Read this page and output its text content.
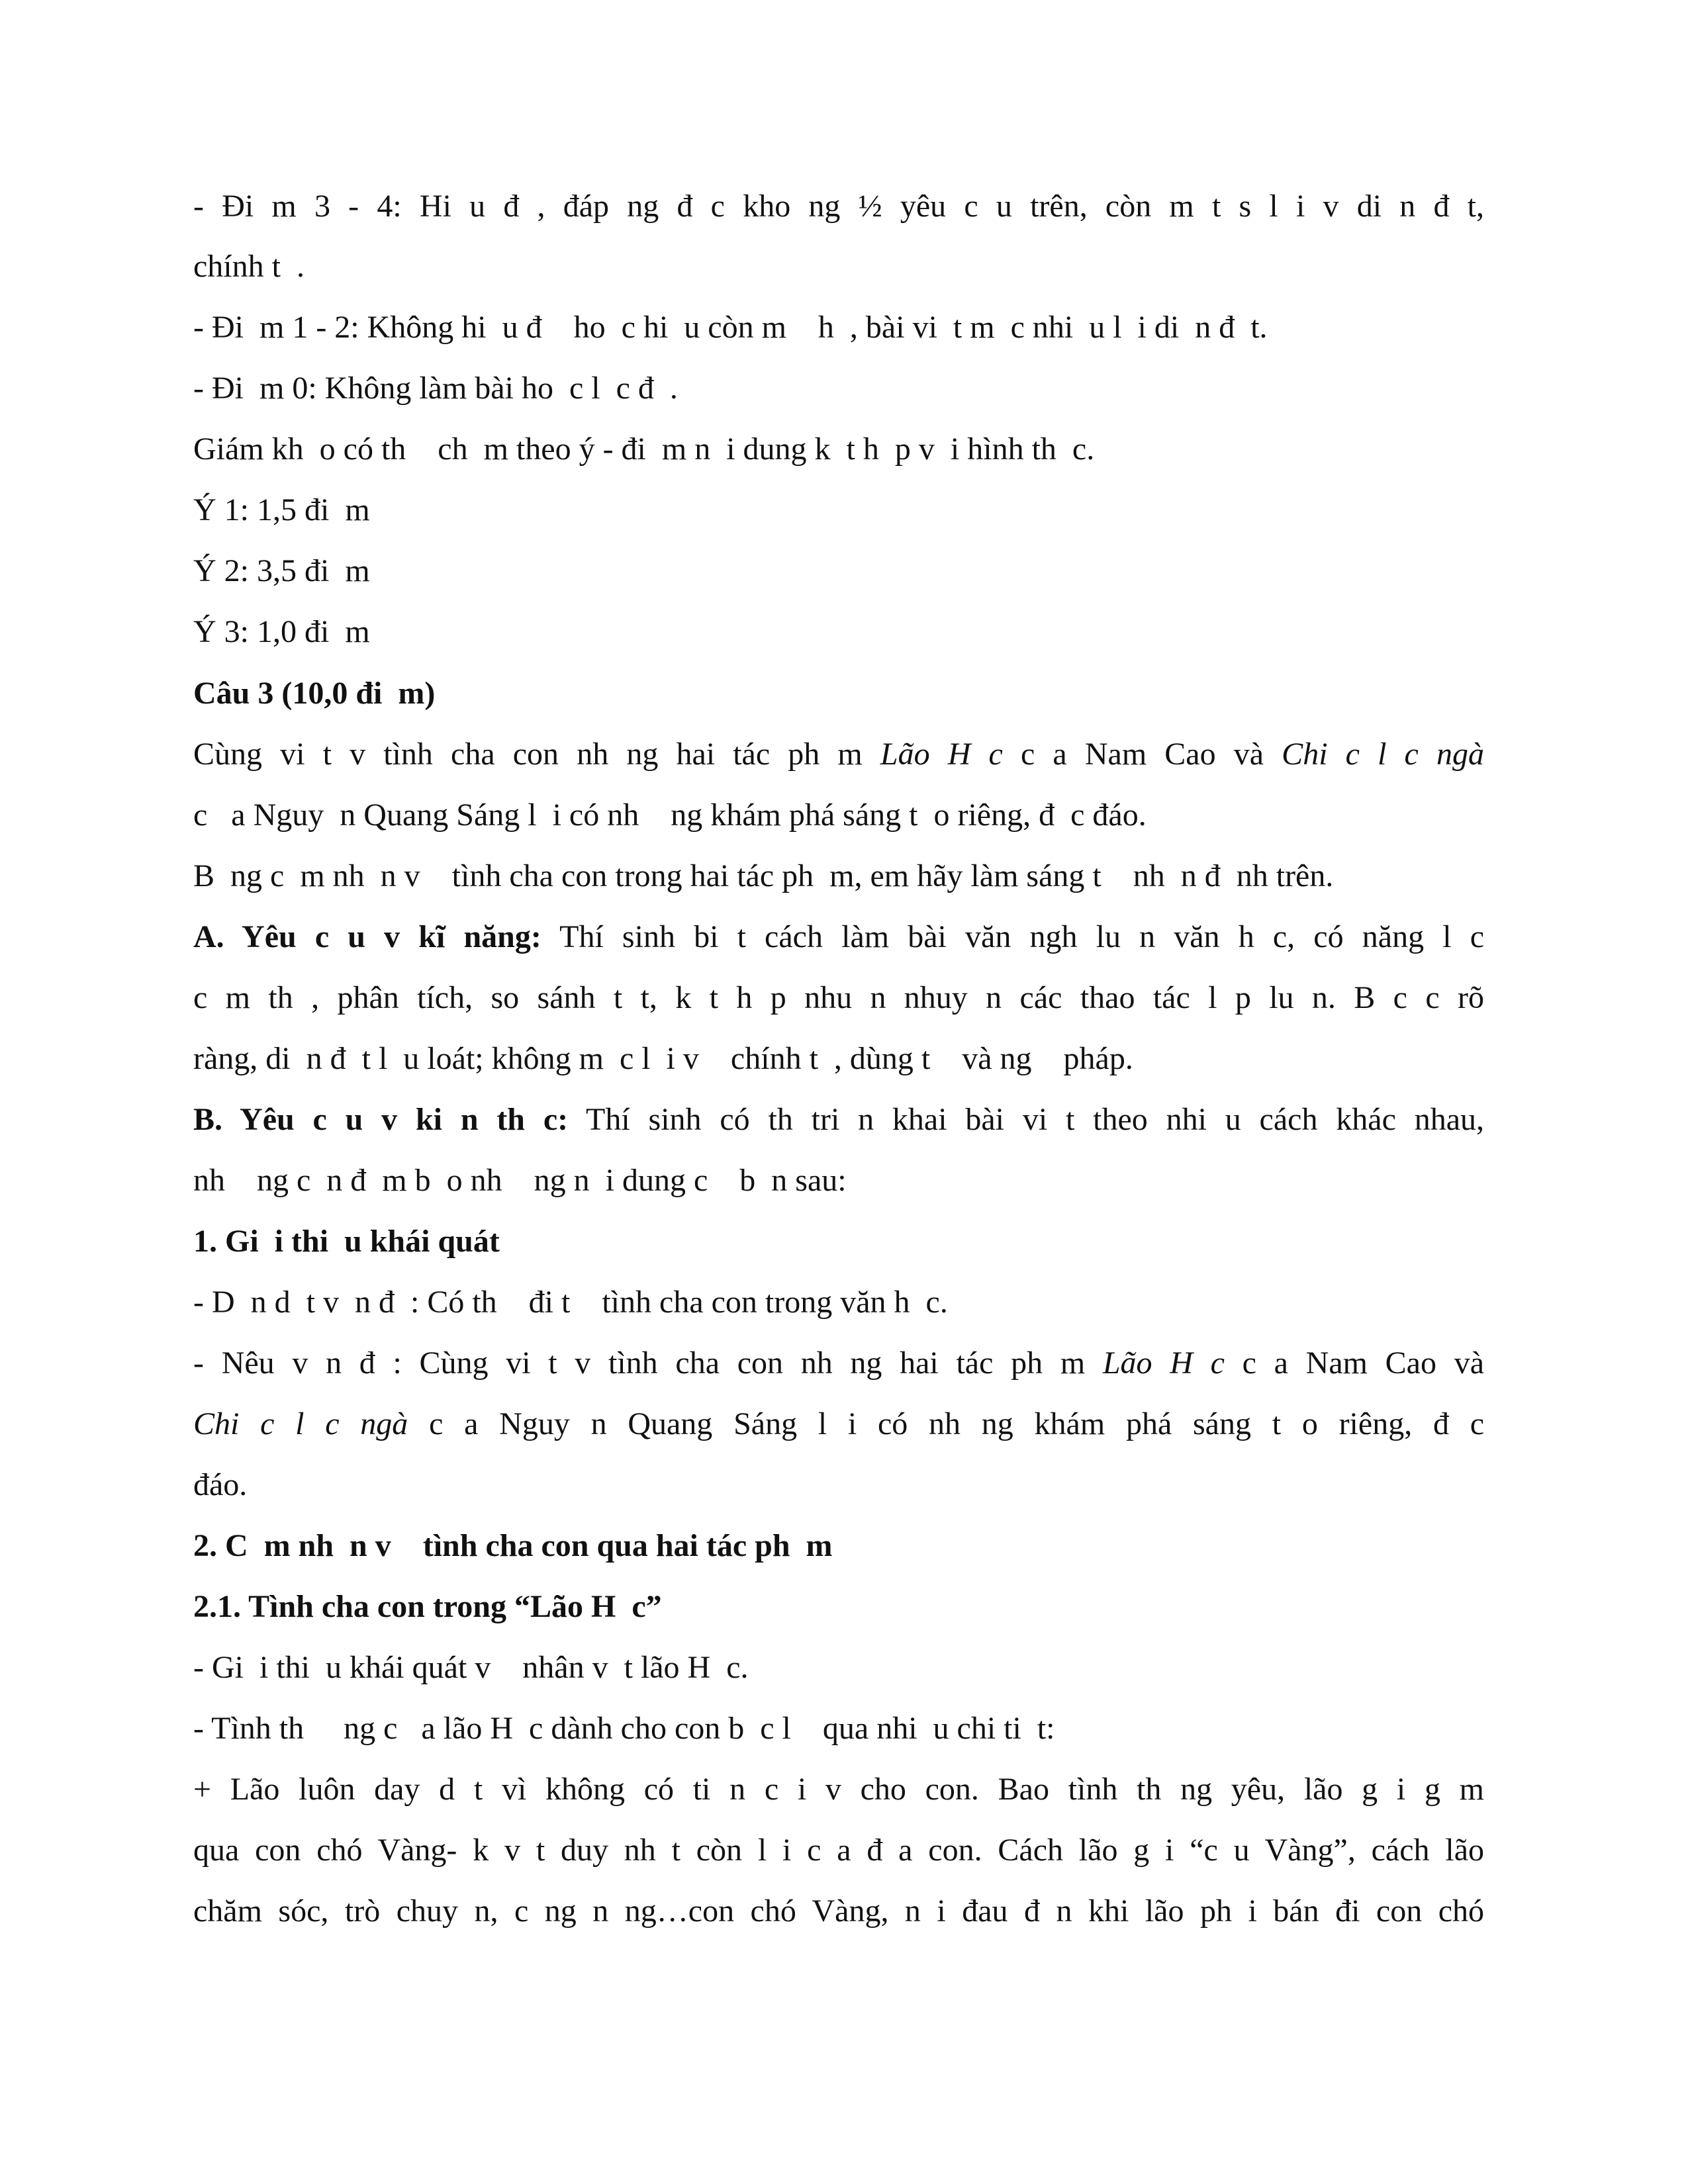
- Đi m 3 - 4: Hi u đ , đáp ng đ c kho ng ½ yêu c u trên, còn m t s l i v di n đ t,
chính t  .
- Đi  m 1 - 2: Không hi  u đ    ho  c hi  u còn m    h  , bài vi  t m  c nhi  u l  i di  n đ  t.
- Đi  m 0: Không làm bài ho  c l  c đ  .
Giám kh  o có th    ch  m theo ý - đi  m n  i dung k  t h  p v  i hình th  c.
Ý 1: 1,5 đi  m
Ý 2: 3,5 đi  m
Ý 3: 1,0 đi  m
Câu 3 (10,0 đi  m)
Cùng vi t v tình cha con nh ng hai tác ph m Lão H c c a Nam Cao và Chi c l c ngà
c   a Nguy  n Quang Sáng l  i có nh    ng khám phá sáng t  o riêng, đ  c đáo.
B  ng c  m nh  n v    tình cha con trong hai tác ph  m, em hãy làm sáng t    nh  n đ  nh trên.
A. Yêu c u v kĩ năng: Thí sinh bi t cách làm bài văn ngh lu n văn h c, có năng l c
c m th , phân tích, so sánh t t, k t h p nhu n nhuy n các thao tác l p lu n. B c c rõ
ràng, di  n đ  t l  u loát; không m  c l  i v    chính t  , dùng t    và ng    pháp.
B. Yêu c u v ki n th c: Thí sinh có th tri n khai bài vi t theo nhi u cách khác nhau,
nh    ng c  n đ  m b  o nh    ng n  i dung c    b  n sau:
1. Gi  i thi  u khái quát
- D  n d  t v  n đ  : Có th    đi t    tình cha con trong văn h  c.
- Nêu v n đ : Cùng vi t v tình cha con nh ng hai tác ph m Lão H c c a Nam Cao và
Chi c l c ngà c a Nguy n Quang Sáng l i có nh ng khám phá sáng t o riêng, đ c
đáo.
2. C  m nh  n v    tình cha con qua hai tác ph  m
2.1. Tình cha con trong “Lão H  c”
- Gi  i thi  u khái quát v    nhân v  t lão H  c.
- Tình th     ng c   a lão H  c dành cho con b  c l    qua nhi  u chi ti  t:
+ Lão luôn day d t vì không có ti n c i v cho con. Bao tình th ng yêu, lão g i g m
qua con chó Vàng- k v t duy nh t còn l i c a đ a con. Cách lão g i “c u Vàng”, cách lão
chăm sóc, trò chuy n, c ng n ng…con chó Vàng, n i đau đ n khi lão ph i bán đi con chó
